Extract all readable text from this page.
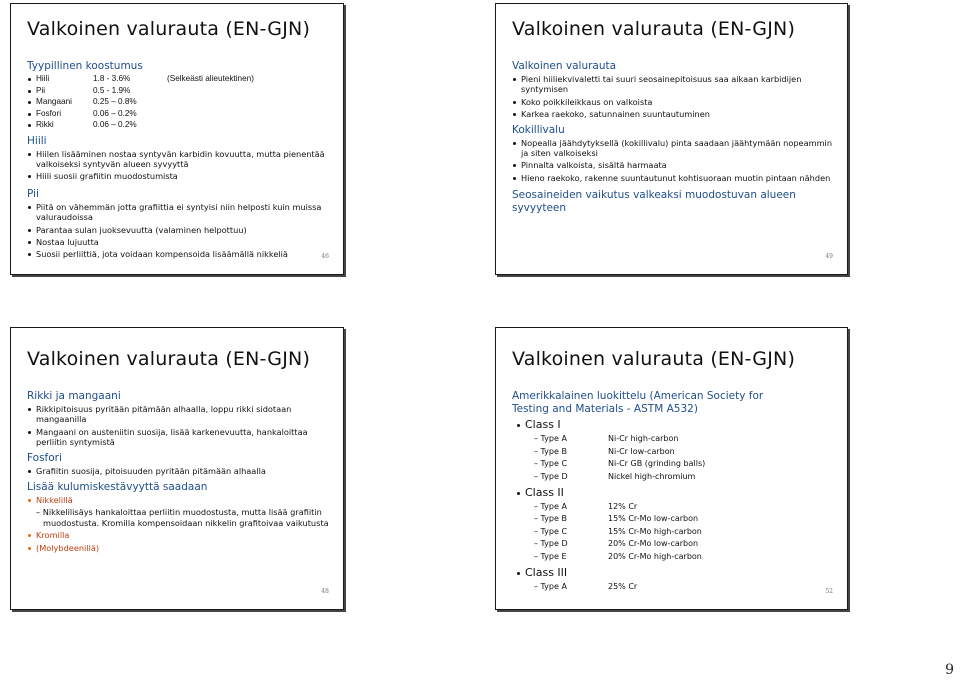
Valkoinen valurauta (EN-GJN)
Tyypillinen koostumus
Hiili	1.8 - 3.6%	(Selkeästi alieutektinen)
Pii	0.5 - 1.9%
Mangaani	0.25 – 0.8%
Fosfori	0.06 – 0.2%
Rikki	0.06 – 0.2%
Hiili
Hiilen lisääminen nostaa syntyvän karbidin kovuutta, mutta pienentää valkoiseksi syntyvän alueen syvyyttä
Hiili suosii grafiitin muodostumista
Pii
Piitä on vähemmän jotta grafiittia ei syntyisi niin helposti kuin muissa valuraudoissa
Parantaa sulan juoksevuutta (valaminen helpottuu)
Nostaa lujuutta
Suosii perliittiä, jota voidaan kompensoida lisäämällä nikkeliä	46
Valkoinen valurauta (EN-GJN)
Valkoinen valurauta
Pieni hiiliekvivaletti tai suuri seosainepitoisuus saa aikaan karbidijen syntymisen
Koko poikkileikkaus on valkoista
Karkea raekoko, satunnainen suuntautuminen
Kokillivalu
Nopealla jäähdytyksellä (kokillivalu) pinta saadaan jäähtymään nopeammin ja siten valkoiseksi
Pinnalta valkoista, sisältä harmaata
Hieno raekoko, rakenne suuntautunut kohtisuoraan muotin pintaan nähden
Seosaineiden vaikutus valkeaksi muodostuvan alueen syvyyteen
49
Valkoinen valurauta (EN-GJN)
Rikki ja mangaani
Rikkipitoisuus pyritään pitämään alhaalla, loppu rikki sidotaan mangaanilla
Mangaani on austeniitin suosija, lisää karkenevuutta, hankaloittaa perliitin syntymistä
Fosfori
Grafiitin suosija, pitoisuuden pyritään pitämään alhaalla
Lisää kulumiskestävyyttä saadaan
Nikkelillä
– Nikkelilisäys hankaloittaa perliitin muodostusta, mutta lisää grafiitin muodostusta. Kromilla kompensoidaan nikkelin grafitoivaa vaikutusta
Kromilla
(Molybdeenillä)
48
Valkoinen valurauta (EN-GJN)
Amerikkalainen luokittelu (American Society for Testing and Materials - ASTM A532)
Class I
– Type A	Ni-Cr high-carbon
– Type B	Ni-Cr low-carbon
– Type C	Ni-Cr GB (grinding balls)
– Type D	Nickel high-chromium
Class II
– Type A	12% Cr
– Type B	15% Cr-Mo low-carbon
– Type C	15% Cr-Mo high-carbon
– Type D	20% Cr-Mo low-carbon
– Type E	20% Cr-Mo high-carbon
Class III
– Type A	25% Cr
52
9
